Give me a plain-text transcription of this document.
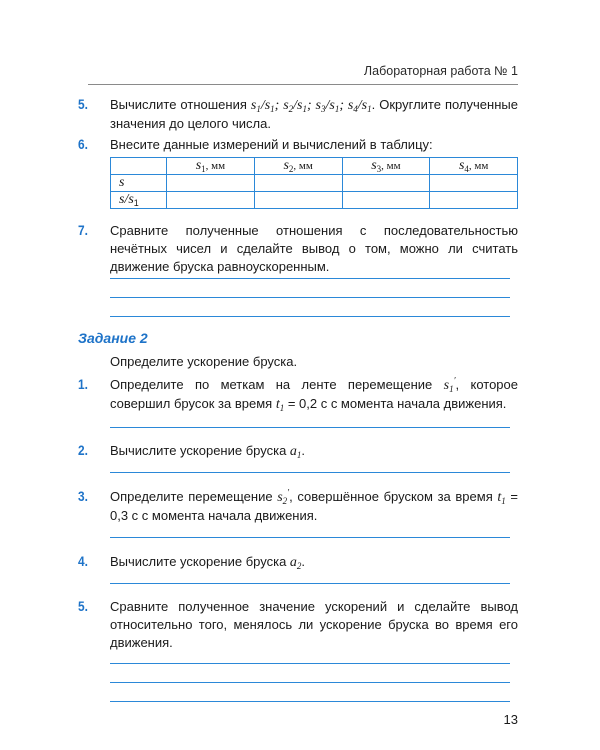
Лабораторная работа № 1
5.	Вычислите отношения $s_1/s_1$; $s_2/s_1$; $s_3/s_1$; $s_4/s_1$. Округлите полученные значения до целого числа.
6.	Внесите данные измерений и вычислений в таблицу:
	$s_1$, мм	$s_2$, мм	$s_3$, мм	$s_4$, мм
s				
$s/s_1$				
7.	Сравните полученные отношения с последовательностью нечётных чисел и сделайте вывод о том, можно ли считать движение бруска равноускоренным.
Задание 2
Определите ускорение бруска.
1.	Определите по меткам на ленте перемещение $s_1'$, которое совершил брусок за время $t_1 = 0,2$ с с момента начала движения.
2.	Вычислите ускорение бруска $a_1$.
3.	Определите перемещение $s_2'$, совершённое бруском за время $t_1 = 0,3$ с с момента начала движения.
4.	Вычислите ускорение бруска $a_2$.
5.	Сравните полученное значение ускорений и сделайте вывод относительно того, менялось ли ускорение бруска во время его движения.
13
